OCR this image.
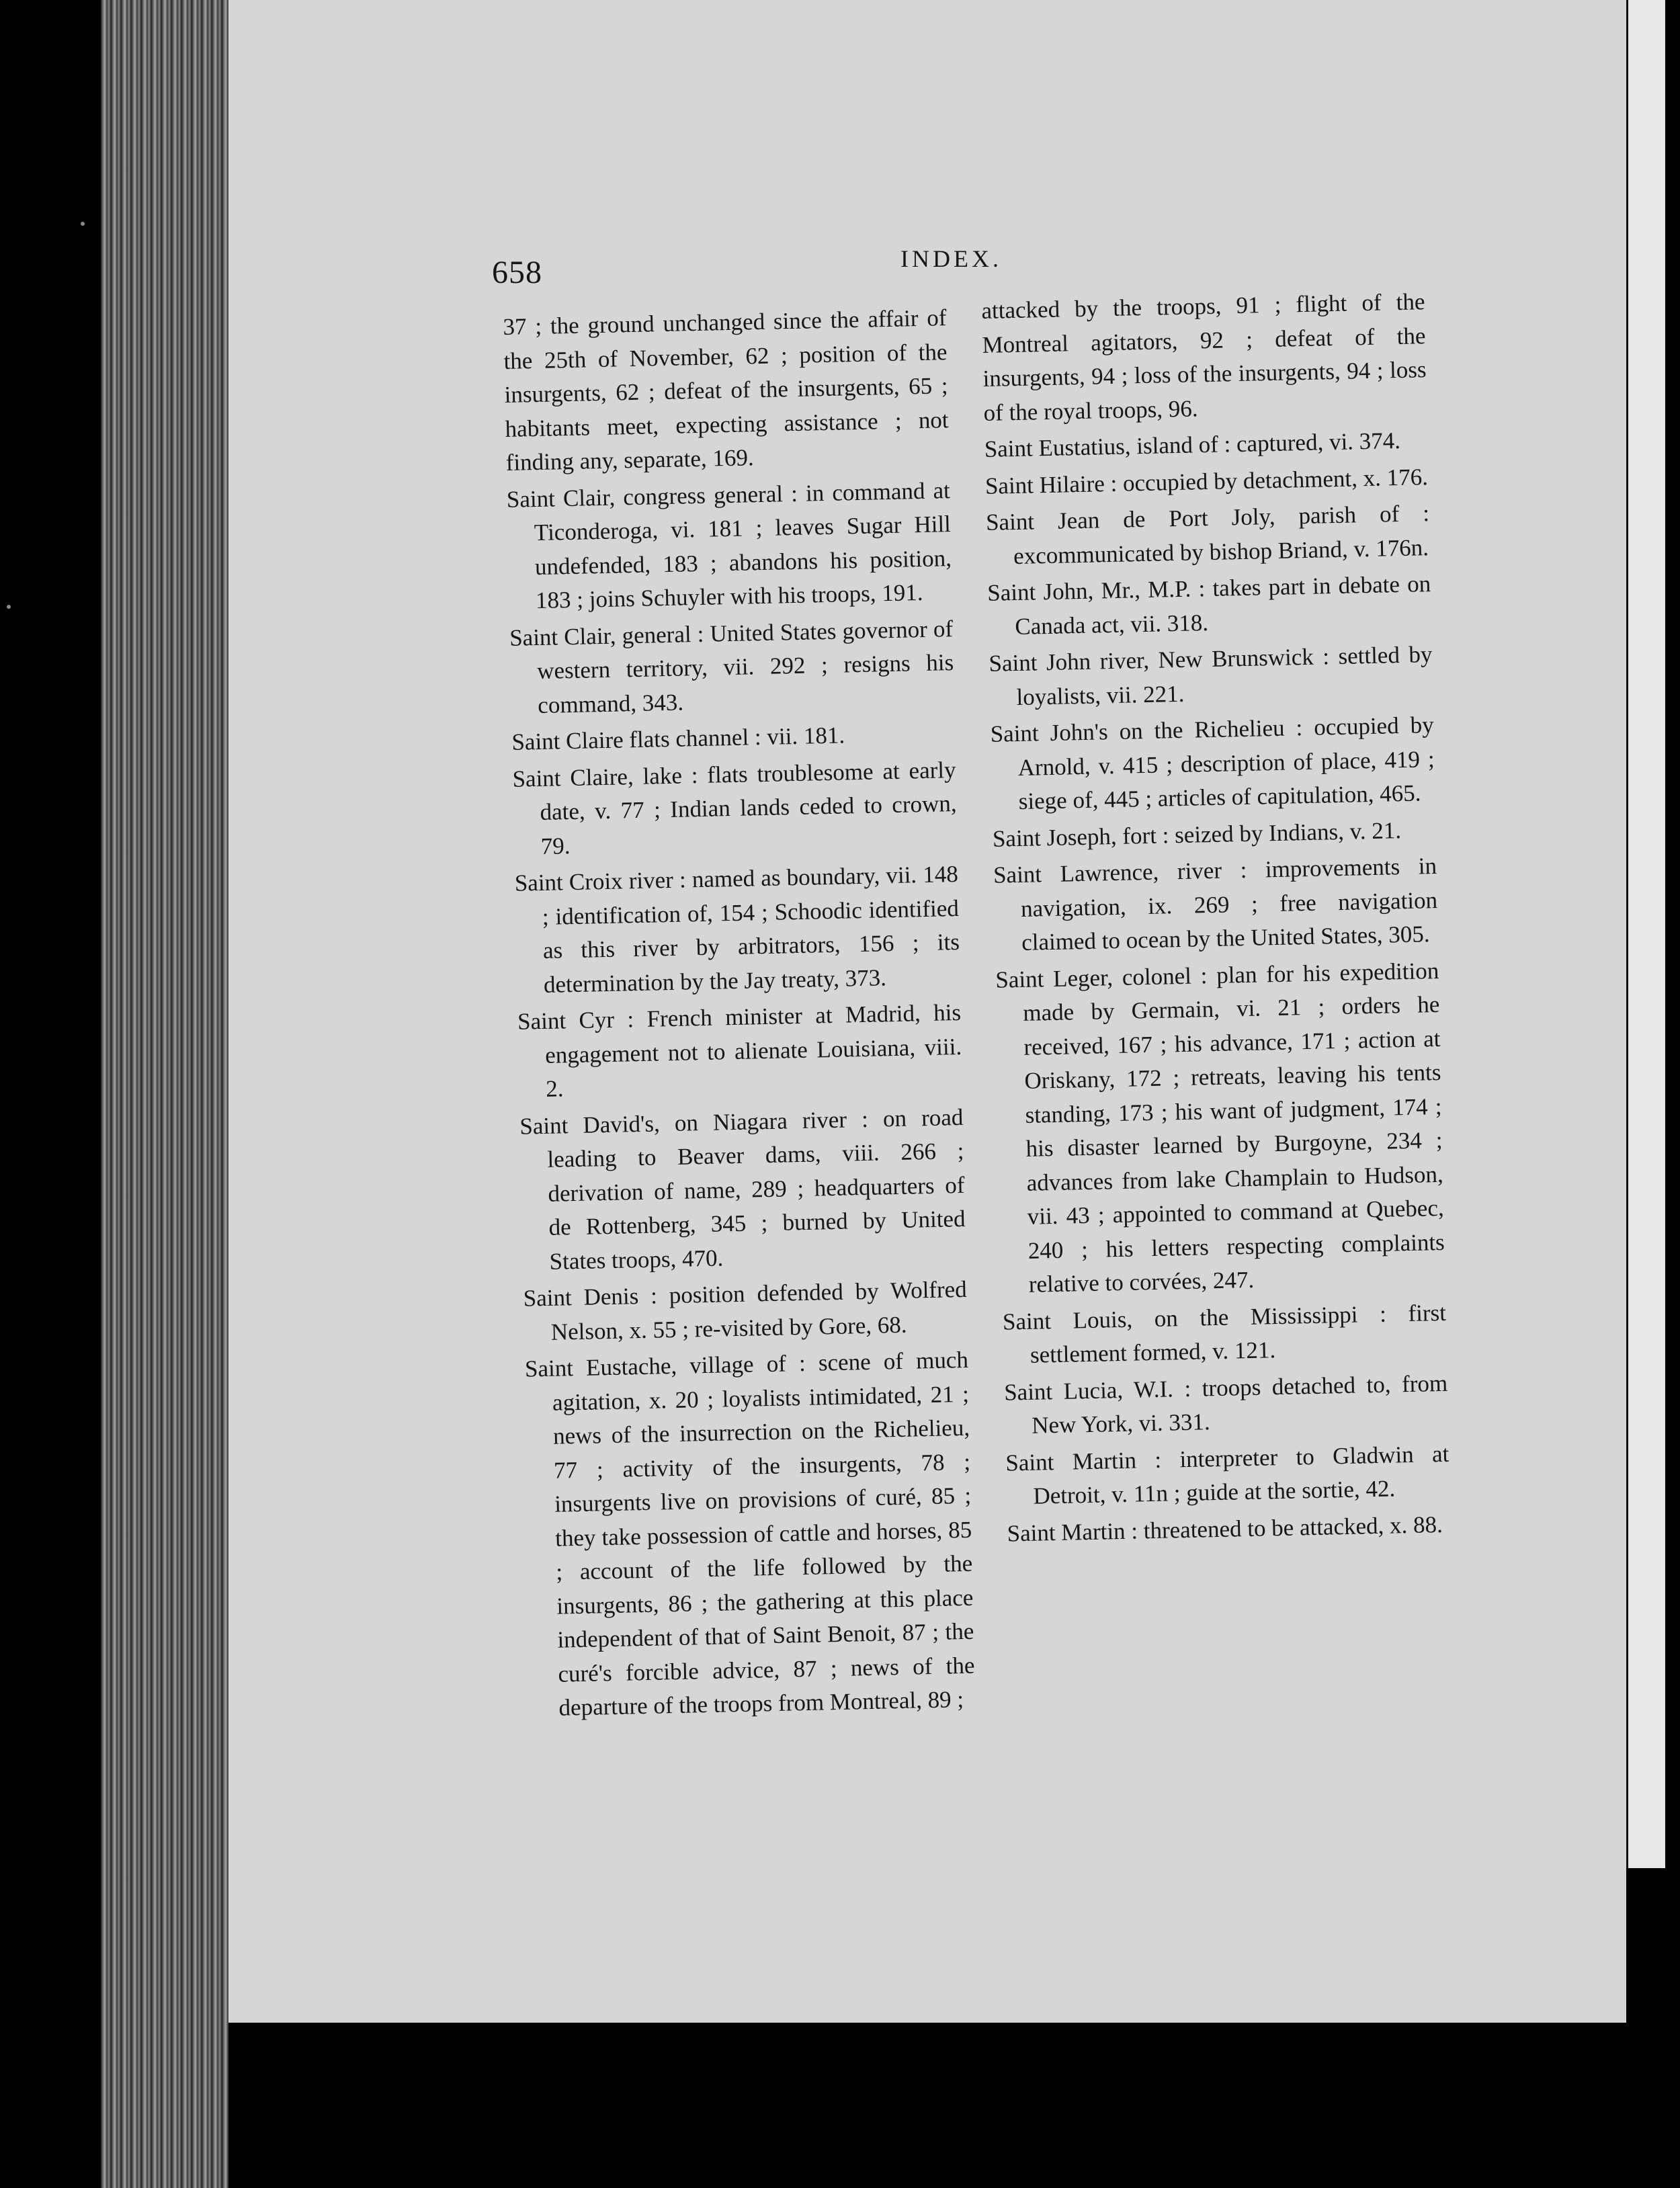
658	INDEX.

37 ; the ground unchanged since the affair of the 25th of November, 62 ; position of the insurgents, 62 ; defeat of the insurgents, 65 ; habitants meet, expecting assistance ; not finding any, separate, 169.

Saint Clair, congress general : in command at Ticonderoga, vi. 181 ; leaves Sugar Hill undefended, 183 ; abandons his position, 183 ; joins Schuyler with his troops, 191.

Saint Clair, general : United States governor of western territory, vii. 292 ; resigns his command, 343.

Saint Claire flats channel : vii. 181.

Saint Claire, lake : flats troublesome at early date, v. 77 ; Indian lands ceded to crown, 79.

Saint Croix river : named as boundary, vii. 148 ; identification of, 154 ; Schoodic identified as this river by arbitrators, 156 ; its determination by the Jay treaty, 373.

Saint Cyr : French minister at Madrid, his engagement not to alienate Louisiana, viii. 2.

Saint David's, on Niagara river : on road leading to Beaver dams, viii. 266 ; derivation of name, 289 ; headquarters of de Rottenberg, 345 ; burned by United States troops, 470.

Saint Denis : position defended by Wolfred Nelson, x. 55 ; re-visited by Gore, 68.

Saint Eustache, village of : scene of much agitation, x. 20 ; loyalists intimidated, 21 ; news of the insurrection on the Richelieu, 77 ; activity of the insurgents, 78 ; insurgents live on provisions of curé, 85 ; they take possession of cattle and horses, 85 ; account of the life followed by the insurgents, 86 ; the gathering at this place independent of that of Saint Benoit, 87 ; the curé's forcible advice, 87 ; news of the departure of the troops from Montreal, 89 ;

attacked by the troops, 91 ; flight of the Montreal agitators, 92 ; defeat of the insurgents, 94 ; loss of the insurgents, 94 ; loss of the royal troops, 96.

Saint Eustatius, island of : captured, vi. 374.

Saint Hilaire : occupied by detachment, x. 176.

Saint Jean de Port Joly, parish of : excommunicated by bishop Briand, v. 176n.

Saint John, Mr., M.P. : takes part in debate on Canada act, vii. 318.

Saint John river, New Brunswick : settled by loyalists, vii. 221.

Saint John's on the Richelieu : occupied by Arnold, v. 415 ; description of place, 419 ; siege of, 445 ; articles of capitulation, 465.

Saint Joseph, fort : seized by Indians, v. 21.

Saint Lawrence, river : improvements in navigation, ix. 269 ; free navigation claimed to ocean by the United States, 305.

Saint Leger, colonel : plan for his expedition made by Germain, vi. 21 ; orders he received, 167 ; his advance, 171 ; action at Oriskany, 172 ; retreats, leaving his tents standing, 173 ; his want of judgment, 174 ; his disaster learned by Burgoyne, 234 ; advances from lake Champlain to Hudson, vii. 43 ; appointed to command at Quebec, 240 ; his letters respecting complaints relative to corvées, 247.

Saint Louis, on the Mississippi : first settlement formed, v. 121.

Saint Lucia, W.I. : troops detached to, from New York, vi. 331.

Saint Martin : interpreter to Gladwin at Detroit, v. 11n ; guide at the sortie, 42.

Saint Martin : threatened to be attacked, x. 88.
